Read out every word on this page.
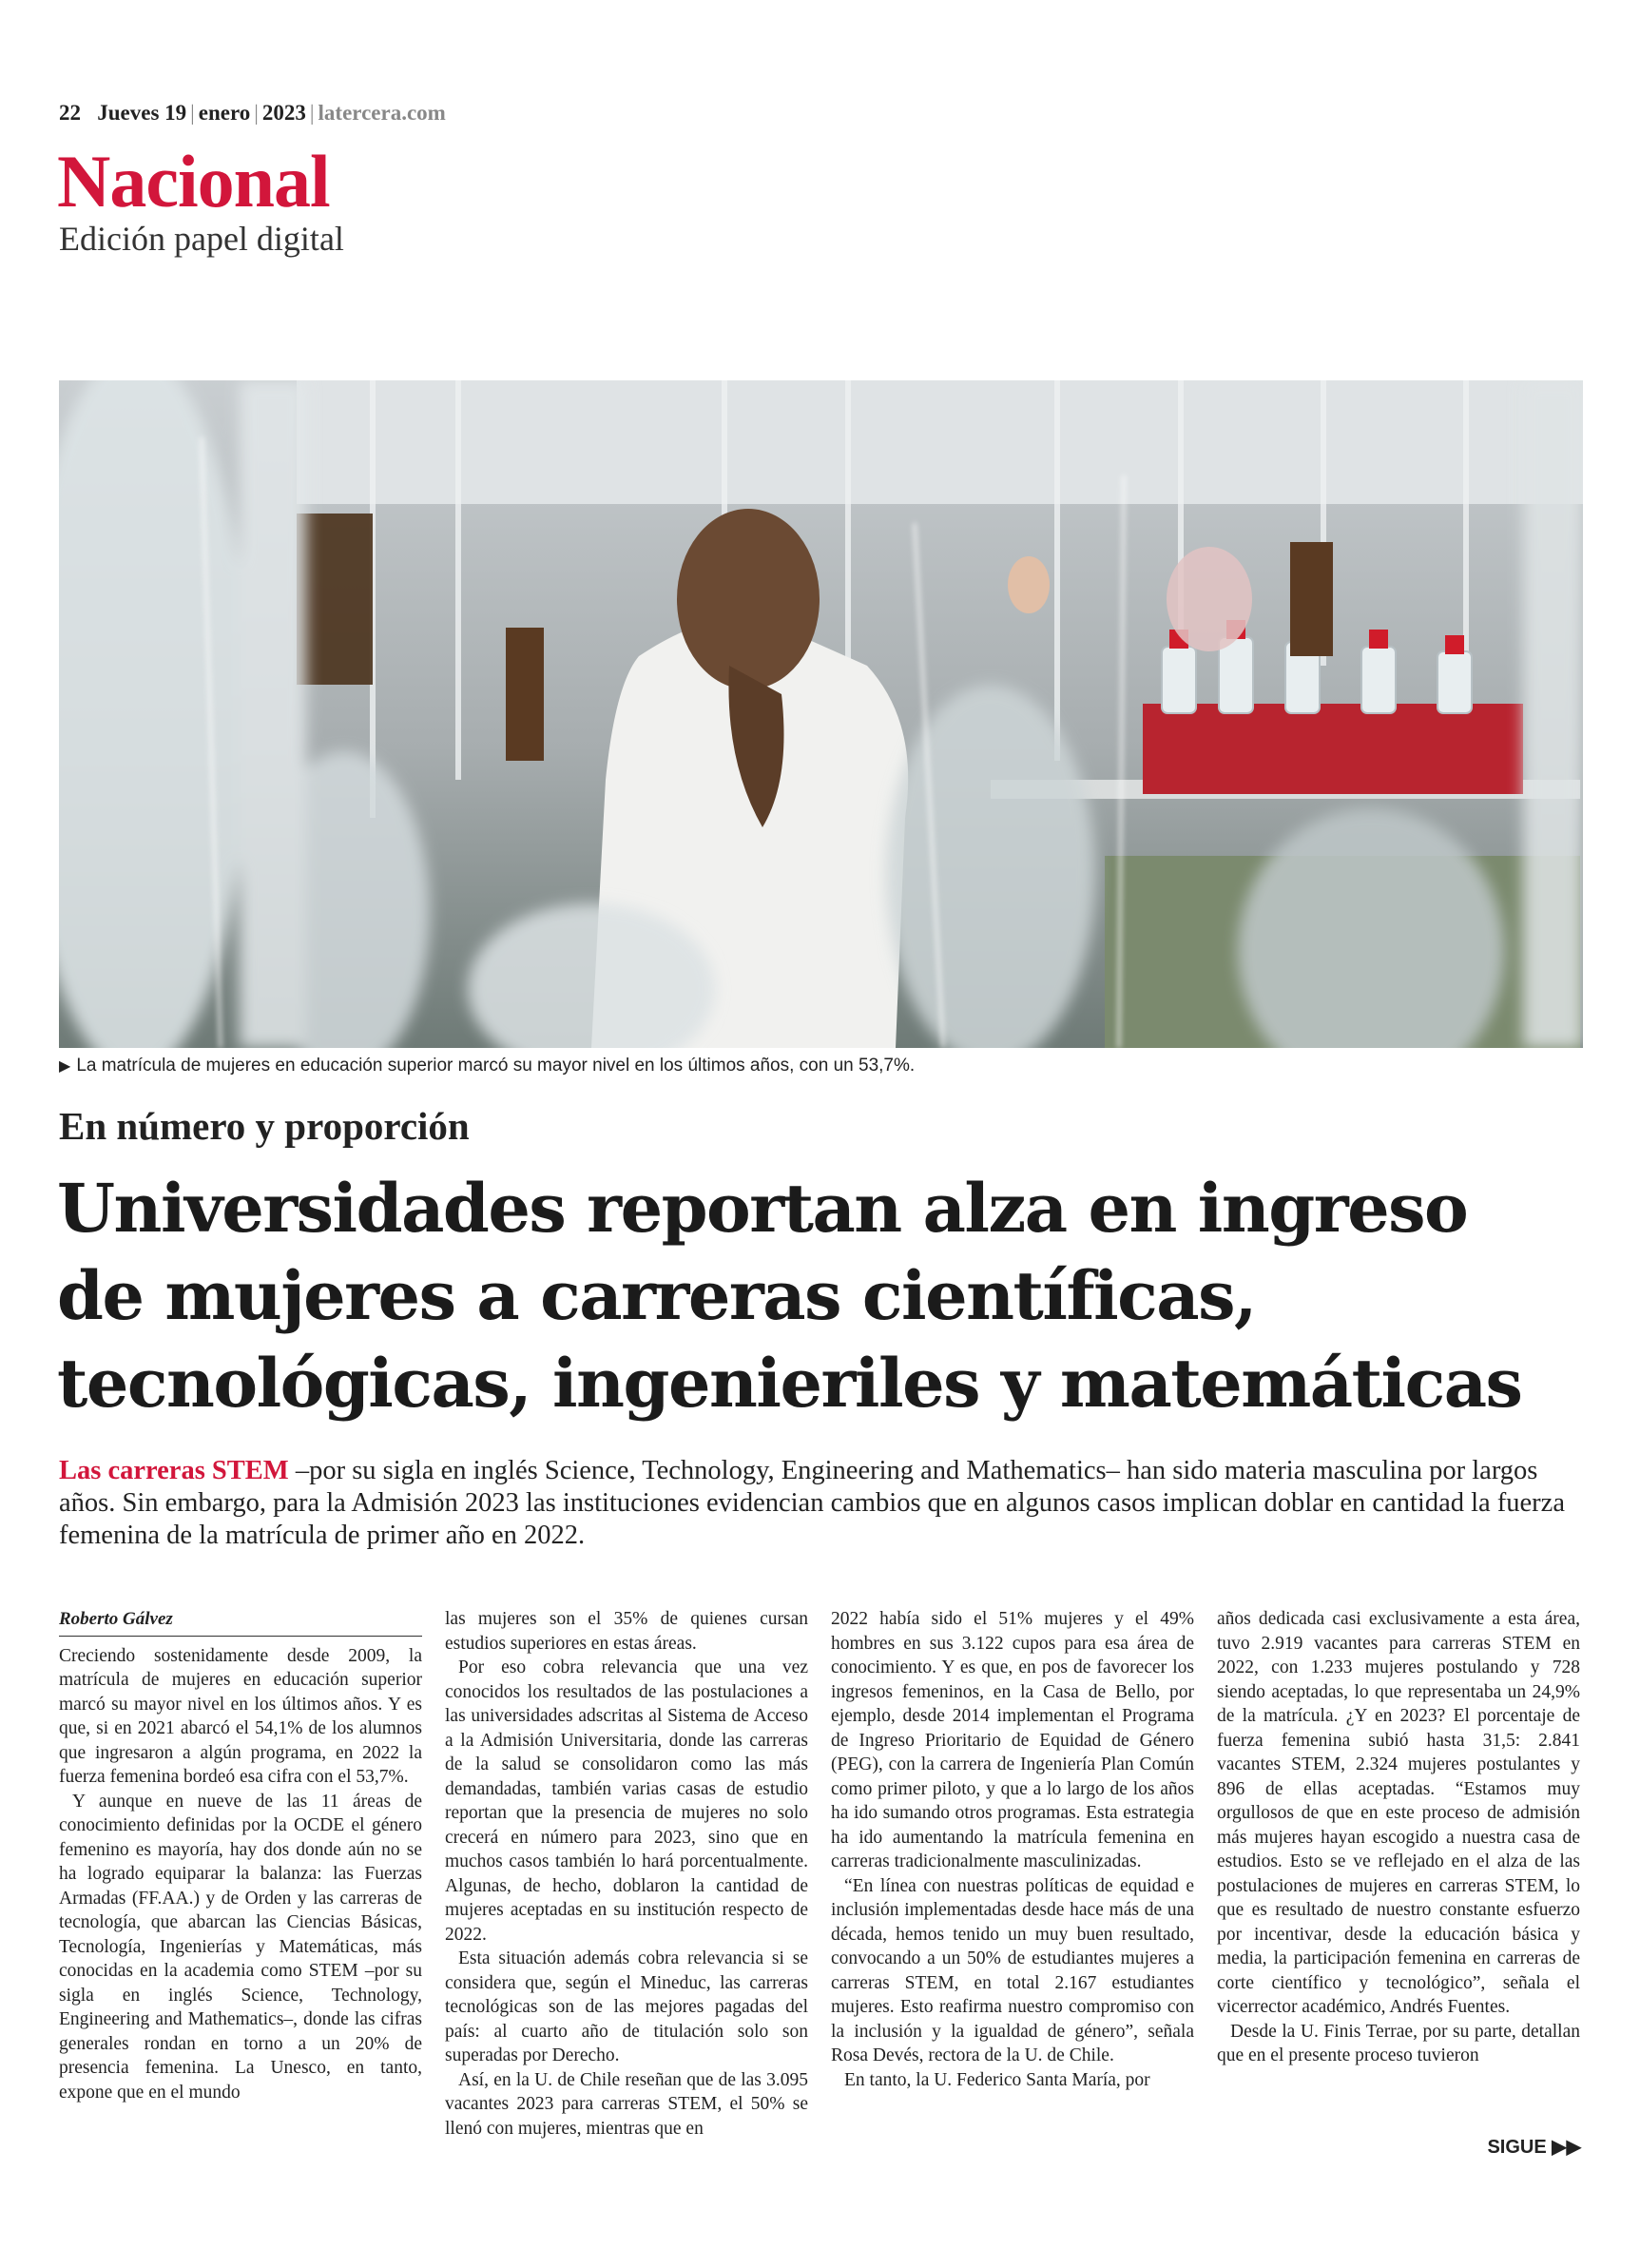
22 Jueves 19 | enero | 2023 | latercera.com
Nacional
Edición papel digital
▶ La matrícula de mujeres en educación superior marcó su mayor nivel en los últimos años, con un 53,7%.
En número y proporción
Universidades reportan alza en ingreso
de mujeres a carreras científicas,
tecnológicas, ingenieriles y matemáticas
Las carreras STEM –por su sigla en inglés Science, Technology, Engineering and Mathematics– han sido materia masculina por largos años. Sin embargo, para la Admisión 2023 las instituciones evidencian cambios que en algunos casos implican doblar en cantidad la fuerza femenina de la matrícula de primer año en 2022.
Roberto Gálvez

Creciendo sostenidamente desde 2009, la matrícula de mujeres en educación superior marcó su mayor nivel en los últimos años. Y es que, si en 2021 abarcó el 54,1% de los alumnos que ingresaron a algún programa, en 2022 la fuerza femenina bordeó esa cifra con el 53,7%.

Y aunque en nueve de las 11 áreas de conocimiento definidas por la OCDE el género femenino es mayoría, hay dos donde aún no se ha logrado equiparar la balanza: las Fuerzas Armadas (FF.AA.) y de Orden y las carreras de tecnología, que abarcan las Ciencias Básicas, Tecnología, Ingenierías y Matemáticas, más conocidas en la academia como STEM –por su sigla en inglés Science, Technology, Engineering and Mathematics–, donde las cifras generales rondan en torno a un 20% de presencia femenina. La Unesco, en tanto, expone que en el mundo

las mujeres son el 35% de quienes cursan estudios superiores en estas áreas.

Por eso cobra relevancia que una vez conocidos los resultados de las postulaciones a las universidades adscritas al Sistema de Acceso a la Admisión Universitaria, donde las carreras de la salud se consolidaron como las más demandadas, también varias casas de estudio reportan que la presencia de mujeres no solo crecerá en número para 2023, sino que en muchos casos también lo hará porcentualmente. Algunas, de hecho, doblaron la cantidad de mujeres aceptadas en su institución respecto de 2022.

Esta situación además cobra relevancia si se considera que, según el Mineduc, las carreras tecnológicas son de las mejores pagadas del país: al cuarto año de titulación solo son superadas por Derecho.

Así, en la U. de Chile reseñan que de las 3.095 vacantes 2023 para carreras STEM, el 50% se llenó con mujeres, mientras que en

2022 había sido el 51% mujeres y el 49% hombres en sus 3.122 cupos para esa área de conocimiento. Y es que, en pos de favorecer los ingresos femeninos, en la Casa de Bello, por ejemplo, desde 2014 implementan el Programa de Ingreso Prioritario de Equidad de Género (PEG), con la carrera de Ingeniería Plan Común como primer piloto, y que a lo largo de los años ha ido sumando otros programas. Esta estrategia ha ido aumentando la matrícula femenina en carreras tradicionalmente masculinizadas.

“En línea con nuestras políticas de equidad e inclusión implementadas desde hace más de una década, hemos tenido un muy buen resultado, convocando a un 50% de estudiantes mujeres a carreras STEM, en total 2.167 estudiantes mujeres. Esto reafirma nuestro compromiso con la inclusión y la igualdad de género”, señala Rosa Devés, rectora de la U. de Chile.

En tanto, la U. Federico Santa María, por

años dedicada casi exclusivamente a esta área, tuvo 2.919 vacantes para carreras STEM en 2022, con 1.233 mujeres postulando y 728 siendo aceptadas, lo que representaba un 24,9% de la matrícula. ¿Y en 2023? El porcentaje de fuerza femenina subió hasta 31,5: 2.841 vacantes STEM, 2.324 mujeres postulantes y 896 de ellas aceptadas. “Estamos muy orgullosos de que en este proceso de admisión más mujeres hayan escogido a nuestra casa de estudios. Esto se ve reflejado en el alza de las postulaciones de mujeres en carreras STEM, lo que es resultado de nuestro constante esfuerzo por incentivar, desde la educación básica y media, la participación femenina en carreras de corte científico y tecnológico”, señala el vicerrector académico, Andrés Fuentes.

Desde la U. Finis Terrae, por su parte, detallan que en el presente proceso tuvieron

SIGUE ▶▶
